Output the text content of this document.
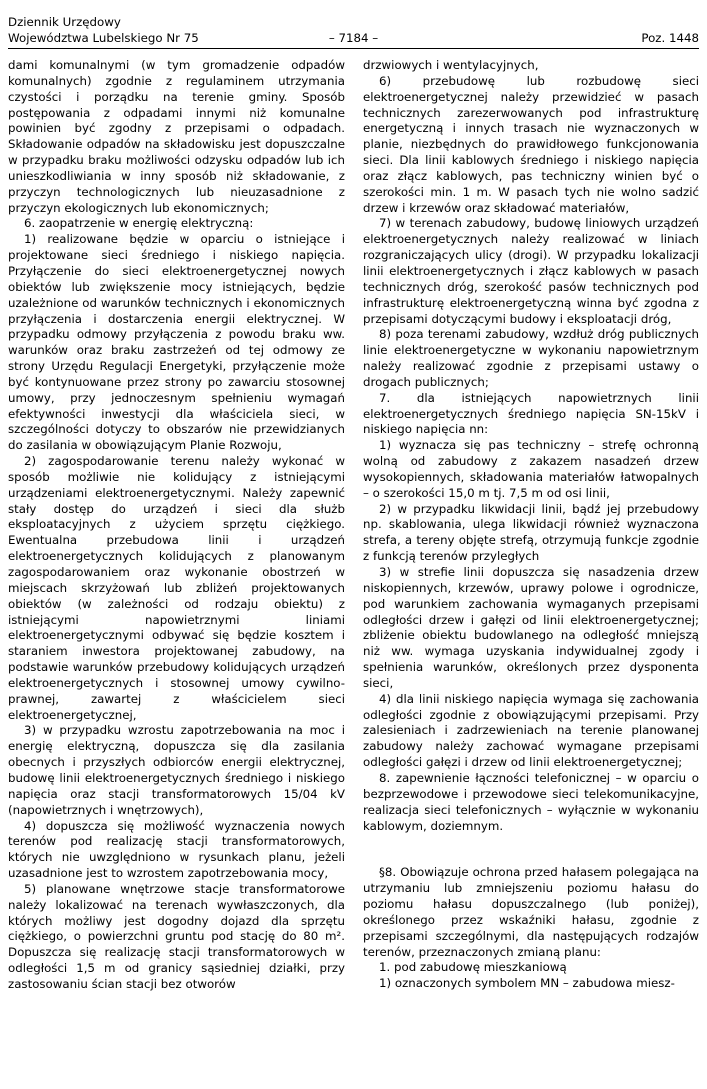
Dziennik Urzędowy
Województwa Lubelskiego Nr 75	– 7184 –	Poz. 1448

dami komunalnymi (w tym gromadzenie odpadów komunalnych) zgodnie z regulaminem utrzymania czystości i porządku na terenie gminy. Sposób postępowania z odpadami innymi niż komunalne powinien być zgodny z przepisami o odpadach. Składowanie odpadów na składowisku jest dopuszczalne w przypadku braku możliwości odzysku odpadów lub ich unieszkodliwiania w inny sposób niż składowanie, z przyczyn technologicznych lub nieuzasadnione z przyczyn ekologicznych lub ekonomicznych;

6. zaopatrzenie w energię elektryczną:

1) realizowane będzie w oparciu o istniejące i projektowane sieci średniego i niskiego napięcia. Przyłączenie do sieci elektroenergetycznej nowych obiektów lub zwiększenie mocy istniejących, będzie uzależnione od warunków technicznych i ekonomicznych przyłączenia i dostarczenia energii elektrycznej. W przypadku odmowy przyłączenia z powodu braku ww. warunków oraz braku zastrzeżeń od tej odmowy ze strony Urzędu Regulacji Energetyki, przyłączenie może być kontynuowane przez strony po zawarciu stosownej umowy, przy jednoczesnym spełnieniu wymagań efektywności inwestycji dla właściciela sieci, w szczególności dotyczy to obszarów nie przewidzianych do zasilania w obowiązującym Planie Rozwoju,

2) zagospodarowanie terenu należy wykonać w sposób możliwie nie kolidujący z istniejącymi urządzeniami elektroenergetycznymi. Należy zapewnić stały dostęp do urządzeń i sieci dla służb eksploatacyjnych z użyciem sprzętu ciężkiego. Ewentualna przebudowa linii i urządzeń elektroenergetycznych kolidujących z planowanym zagospodarowaniem oraz wykonanie obostrzeń w miejscach skrzyżowań lub zbliżeń projektowanych obiektów (w zależności od rodzaju obiektu) z istniejącymi napowietrznymi liniami elektroenergetycznymi odbywać się będzie kosztem i staraniem inwestora projektowanej zabudowy, na podstawie warunków przebudowy kolidujących urządzeń elektroenergetycznych i stosownej umowy cywilno-prawnej, zawartej z właścicielem sieci elektroenergetycznej,

3) w przypadku wzrostu zapotrzebowania na moc i energię elektryczną, dopuszcza się dla zasilania obecnych i przyszłych odbiorców energii elektrycznej, budowę linii elektroenergetycznych średniego i niskiego napięcia oraz stacji transformatorowych 15/04 kV (napowietrznych i wnętrzowych),

4) dopuszcza się możliwość wyznaczenia nowych terenów pod realizację stacji transformatorowych, których nie uwzględniono w rysunkach planu, jeżeli uzasadnione jest to wzrostem zapotrzebowania mocy,

5) planowane wnętrzowe stacje transformatorowe należy lokalizować na terenach wywłaszczonych, dla których możliwy jest dogodny dojazd dla sprzętu ciężkiego, o powierzchni gruntu pod stację do 80 m². Dopuszcza się realizację stacji transformatorowych w odległości 1,5 m od granicy sąsiedniej działki, przy zastosowaniu ścian stacji bez otworów

drzwiowych i wentylacyjnych,

6) przebudowę lub rozbudowę sieci elektroenergetycznej należy przewidzieć w pasach technicznych zarezerwowanych pod infrastrukturę energetyczną i innych trasach nie wyznaczonych w planie, niezbędnych do prawidłowego funkcjonowania sieci. Dla linii kablowych średniego i niskiego napięcia oraz złącz kablowych, pas techniczny winien być o szerokości min. 1 m. W pasach tych nie wolno sadzić drzew i krzewów oraz składować materiałów,

7) w terenach zabudowy, budowę liniowych urządzeń elektroenergetycznych należy realizować w liniach rozgraniczających ulicy (drogi). W przypadku lokalizacji linii elektroenergetycznych i złącz kablowych w pasach technicznych dróg, szerokość pasów technicznych pod infrastrukturę elektroenergetyczną winna być zgodna z przepisami dotyczącymi budowy i eksploatacji dróg,

8) poza terenami zabudowy, wzdłuż dróg publicznych linie elektroenergetyczne w wykonaniu napowietrznym należy realizować zgodnie z przepisami ustawy o drogach publicznych;

7. dla istniejących napowietrznych linii elektroenergetycznych średniego napięcia SN-15kV i niskiego napięcia nn:

1) wyznacza się pas techniczny – strefę ochronną wolną od zabudowy z zakazem nasadzeń drzew wysokopiennych, składowania materiałów łatwopalnych – o szerokości 15,0 m tj. 7,5 m od osi linii,

2) w przypadku likwidacji linii, bądź jej przebudowy np. skablowania, ulega likwidacji również wyznaczona strefa, a tereny objęte strefą, otrzymują funkcje zgodnie z funkcją terenów przyległych

3) w strefie linii dopuszcza się nasadzenia drzew niskopiennych, krzewów, uprawy polowe i ogrodnicze, pod warunkiem zachowania wymaganych przepisami odległości drzew i gałęzi od linii elektroenergetycznej; zbliżenie obiektu budowlanego na odległość mniejszą niż ww. wymaga uzyskania indywidualnej zgody i spełnienia warunków, określonych przez dysponenta sieci,

4) dla linii niskiego napięcia wymaga się zachowania odległości zgodnie z obowiązującymi przepisami. Przy zalesieniach i zadrzewieniach na terenie planowanej zabudowy należy zachować wymagane przepisami odległości gałęzi i drzew od linii elektroenergetycznej;

8. zapewnienie łączności telefonicznej – w oparciu o bezprzewodowe i przewodowe sieci telekomunikacyjne, realizacja sieci telefonicznych – wyłącznie w wykonaniu kablowym, doziemnym.

§8. Obowiązuje ochrona przed hałasem polegająca na utrzymaniu lub zmniejszeniu poziomu hałasu do poziomu hałasu dopuszczalnego (lub poniżej), określonego przez wskaźniki hałasu, zgodnie z przepisami szczególnymi, dla następujących rodzajów terenów, przeznaczonych zmianą planu:

1. pod zabudowę mieszkaniową

1) oznaczonych symbolem MN – zabudowa miesz-
